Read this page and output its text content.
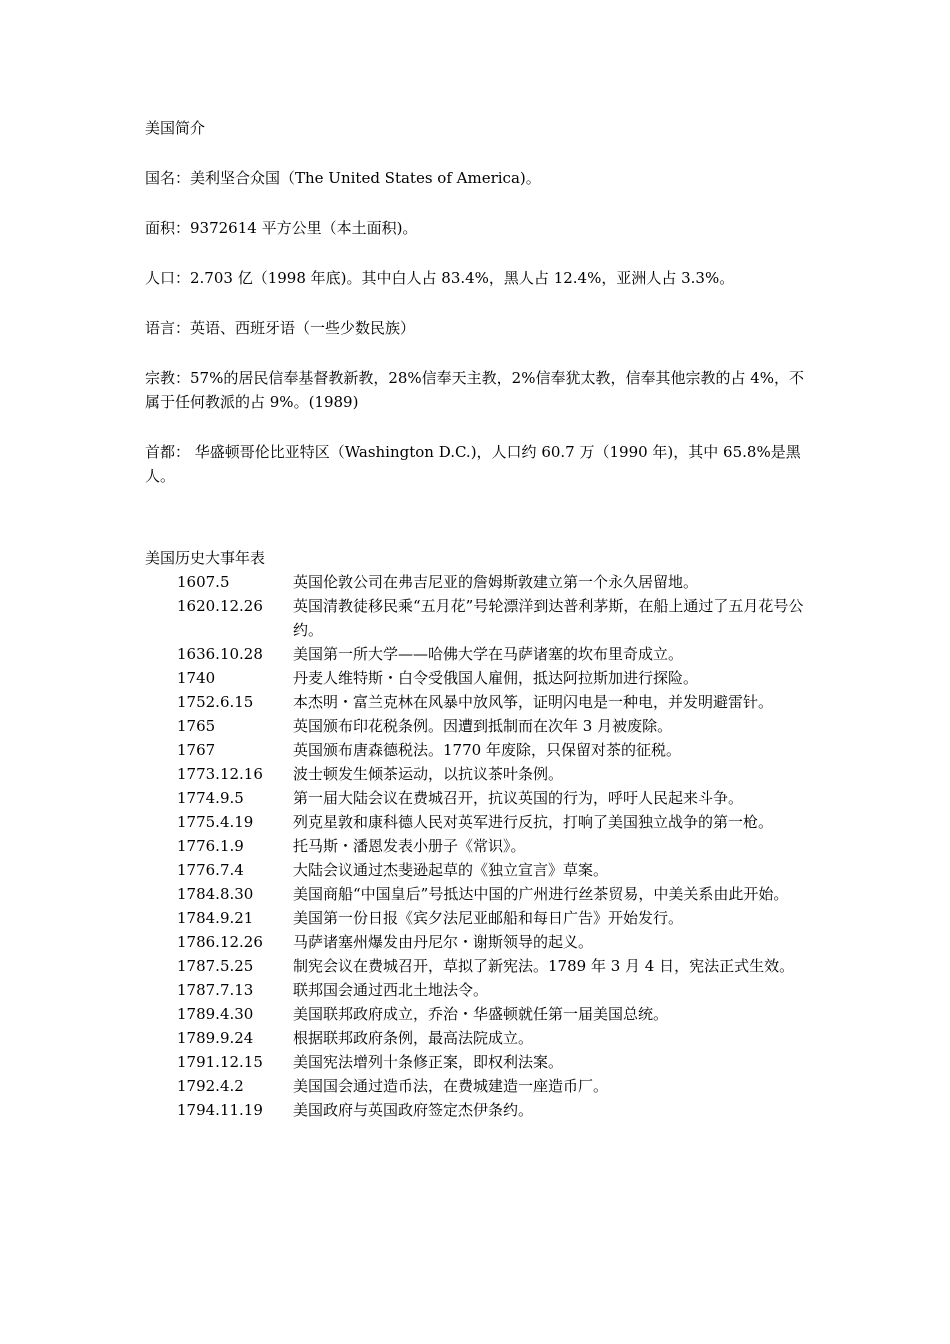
美国简介

国名：美利坚合众国（The United States of America)。

面积：9372614 平方公里（本土面积)。

人口：2.703 亿（1998 年底)。其中白人占 83.4%，黑人占 12.4%，亚洲人占 3.3%。

语言：英语、西班牙语（一些少数民族）

宗教：57%的居民信奉基督教新教，28%信奉天主教，2%信奉犹太教，信奉其他宗教的占 4%，不属于任何教派的占 9%。(1989)

首都： 华盛顿哥伦比亚特区（Washington D.C.)，人口约 60.7 万（1990 年)，其中 65.8%是黑人。

美国历史大事年表

1607.5	英国伦敦公司在弗吉尼亚的詹姆斯敦建立第一个永久居留地。
1620.12.26 英国清教徒移民乘“五月花”号轮漂洋到达普利茅斯，在船上通过了五月花号公约。
1636.10.28 美国第一所大学——哈佛大学在马萨诸塞的坎布里奇成立。
1740	丹麦人维特斯・白令受俄国人雇佣，抵达阿拉斯加进行探险。
1752.6.15	本杰明・富兰克林在风暴中放风筝，证明闪电是一种电，并发明避雷针。
1765	英国颁布印花税条例。因遭到抵制而在次年 3 月被废除。
1767	英国颁布唐森德税法。1770 年废除，只保留对茶的征税。
1773.12.16 波士顿发生倾茶运动，以抗议茶叶条例。
1774.9.5	第一届大陆会议在费城召开，抗议英国的行为，呼吁人民起来斗争。
1775.4.19	列克星敦和康科德人民对英军进行反抗，打响了美国独立战争的第一枪。
1776.1.9	托马斯・潘恩发表小册子《常识》。
1776.7.4	大陆会议通过杰斐逊起草的《独立宣言》草案。
1784.8.30	美国商船“中国皇后”号抵达中国的广州进行丝茶贸易，中美关系由此开始。
1784.9.21	美国第一份日报《宾夕法尼亚邮船和每日广告》开始发行。
1786.12.26 马萨诸塞州爆发由丹尼尔・谢斯领导的起义。
1787.5.25	制宪会议在费城召开，草拟了新宪法。1789 年 3 月 4 日，宪法正式生效。
1787.7.13	联邦国会通过西北土地法令。
1789.4.30	美国联邦政府成立，乔治・华盛顿就任第一届美国总统。
1789.9.24	根据联邦政府条例，最高法院成立。
1791.12.15 美国宪法增列十条修正案，即权利法案。
1792.4.2	美国国会通过造币法，在费城建造一座造币厂。
1794.11.19 美国政府与英国政府签定杰伊条约。
